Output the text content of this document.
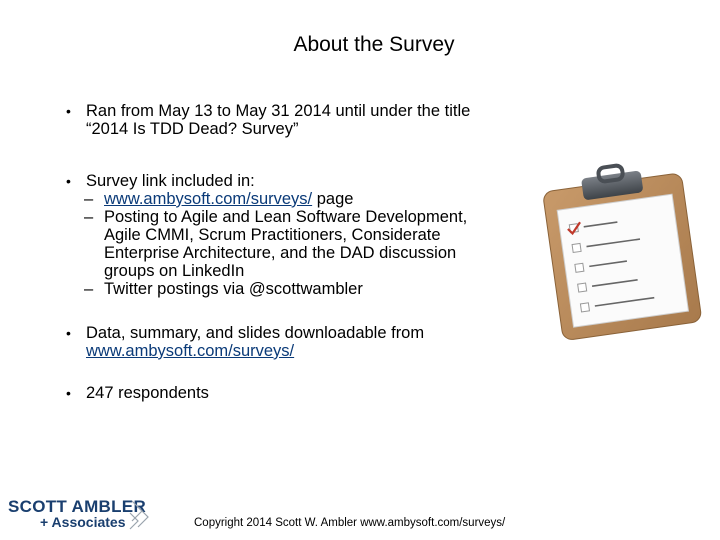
About the Survey

• Ran from May 13 to May 31 2014 until under the title
“2014 Is TDD Dead? Survey”

• Survey link included in:

– www.ambysoft.com/surveys/ page

– Posting to Agile and Lean Software Development,
Agile CMMI, Scrum Practitioners, Considerate
Enterprise Architecture, and the DAD discussion
groups on LinkedIn

– Twitter postings via @scottwambler

• Data, summary, and slides downloadable from
www.ambysoft.com/surveys/

• 247 respondents

SCOTT AMBLER
+ Associates	Copyright 2014 Scott W. Ambler www.ambysoft.com/surveys/
